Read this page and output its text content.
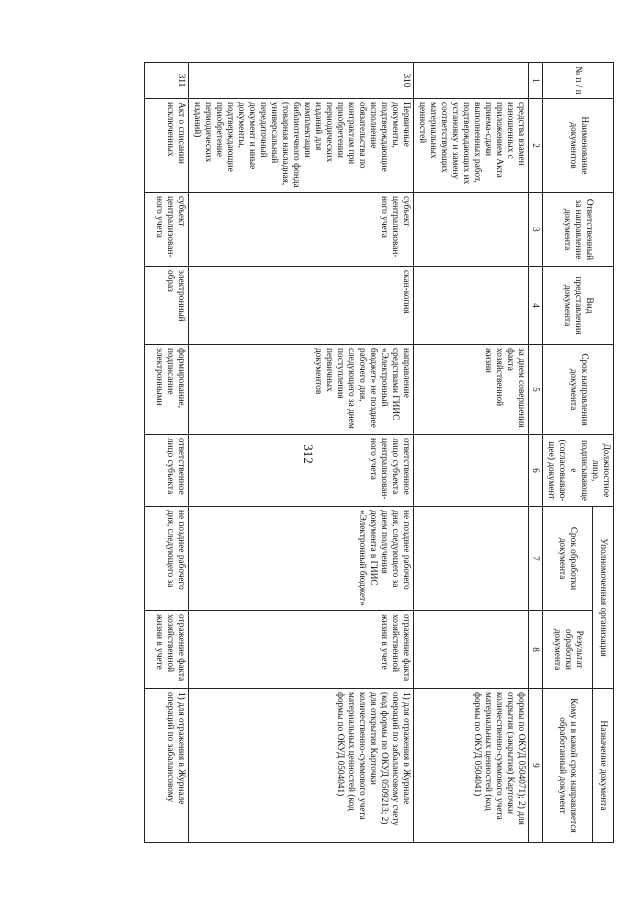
312
№ п / п	Наименование документов	Ответственный за направление документа	Вид представления документа	Срок направления документа	Должностное лицо, подписывающее (согласовываю-щее) документ	Уполномоченная организация		Назначение документа
						Срок обработки документа	Результат обработки документа	Кому и в какой срок направляется обработанный документ
1	2	3	4	5	6	7	8	9
	средства взамен изношенных с приложением Акта приема-сдачи выполненных работ, подтверждающих их установку и замену соответствующих материальных ценностей			за днем совершения факта хозяйственной жизни				формы по ОКУД 0504071); 2) для открытия (закрытия) Карточки количественно-суммового учета материальных ценностей (код формы по ОКУД 0504041)
310	Первичные документы, подтверждающие исполнение обязательства по контрактам при приобретении периодических изданий для комплектации библиотечного фонда (товарная накладная, универсальный передаточный документ и иные документы, подтверждающие приобретение периодических изданий)	субъект централизован-ного учета	скан-копия	направление средствами ГИИС «Электронный бюджет» не позднее рабочего дня, следующего за днем поступления первичных документов	ответственное лицо субъекта централизован-ного учета	не позднее рабочего дня, следующего за днем получения документа в ГИИС «Электронный бюджет»	отражение факта хозяйственной жизни в учете	1) для отражения в Журнале операций по забалансовому счету (код формы по ОКУД 0509213; 2) для открытия Карточки количественно-суммового учета материальных ценностей (код формы по ОКУД 0504041)
311	Акт о списании исключенных	субъект централизован-ного учета	электронный образ	формирование, подписание электронными	ответственное лицо субъекта	не позднее рабочего дня, следующего за	отражение факта хозяйственной жизни в учете	1) для отражения в Журнале операций по забалансовому
